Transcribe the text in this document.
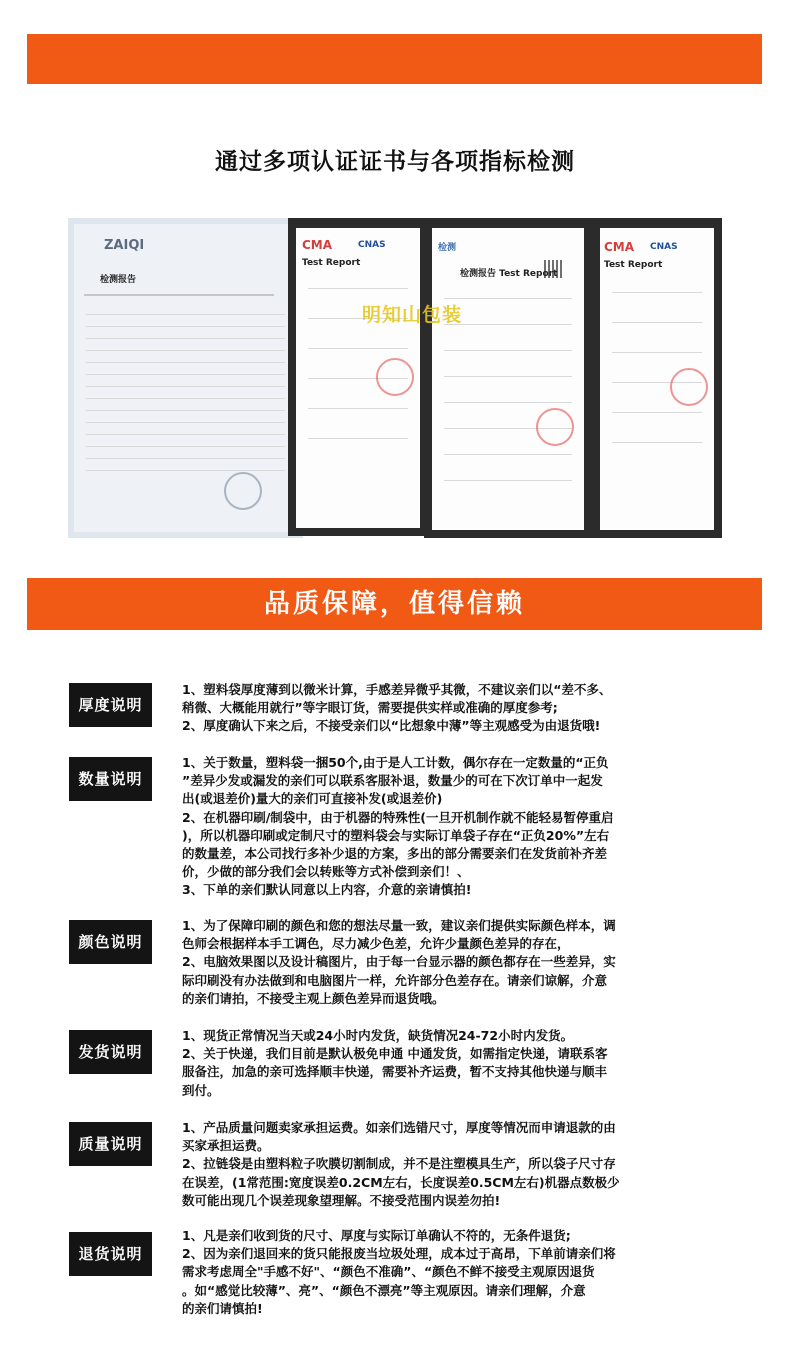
通过多项认证证书与各项指标检测
ZAIQI
检测报告
CMA	CNAS
Test Report
检测
检测报告 Test Report
CMA CNAS
Test Report
明知山包装
品质保障，值得信赖
厚度说明

1、塑料袋厚度薄到以微米计算，手感差异微乎其微，不建议亲们以“差不多、

稍微、大概能用就行”等字眼订货，需要提供实样或准确的厚度参考;

2、厚度确认下来之后，不接受亲们以“比想象中薄”等主观感受为由退货哦!

数量说明

1、关于数量，塑料袋一捆50个,由于是人工计数，偶尔存在一定数量的“正负

”差异少发或漏发的亲们可以联系客服补退，数量少的可在下次订单中一起发

出(或退差价)量大的亲们可直接补发(或退差价)

2、在机器印刷/制袋中，由于机器的特殊性(一旦开机制作就不能轻易暂停重启

)，所以机器印刷或定制尺寸的塑料袋会与实际订单袋子存在“正负20%”左右

的数量差，本公司找行多补少退的方案，多出的部分需要亲们在发货前补齐差

价，少做的部分我们会以转账等方式补偿到亲们！、

3、下单的亲们默认同意以上内容，介意的亲请慎拍!

颜色说明

1、为了保障印刷的颜色和您的想法尽量一致，建议亲们提供实际颜色样本，调

色师会根据样本手工调色，尽力减少色差，允许少量颜色差异的存在，

2、电脑效果图以及设计稿图片，由于每一台显示器的颜色都存在一些差异，实

际印刷没有办法做到和电脑图片一样，允许部分色差存在。请亲们谅解，介意

的亲们请拍，不接受主观上颜色差异而退货哦。

发货说明

1、现货正常情况当天或24小时内发货，缺货情况24-72小时内发货。

2、关于快递，我们目前是默认极免申通 中通发货，如需指定快递，请联系客

服备注，加急的亲可选择顺丰快递，需要补齐运费，暂不支持其他快递与顺丰

到付。

质量说明

1、产品质量问题卖家承担运费。如亲们选错尺寸，厚度等情况而申请退款的由

买家承担运费。

2、拉链袋是由塑料粒子吹膜切割制成，并不是注塑模具生产，所以袋子尺寸存

在误差，(1常范围:宽度误差0.2CM左右，长度误差0.5CM左右)机器点数极少

数可能出现几个误差现象望理解。不接受范围内误差勿拍!

退货说明

1、凡是亲们收到货的尺寸、厚度与实际订单确认不符的，无条件退货;

2、因为亲们退回来的货只能报废当垃圾处理，成本过于高昂，下单前请亲们将

需求考虑周全"手感不好"、“颜色不准确”、“颜色不鲜不接受主观原因退货

。如“感觉比较薄”、亮”、“颜色不漂亮”等主观原因。请亲们理解，介意

的亲们请慎拍!
